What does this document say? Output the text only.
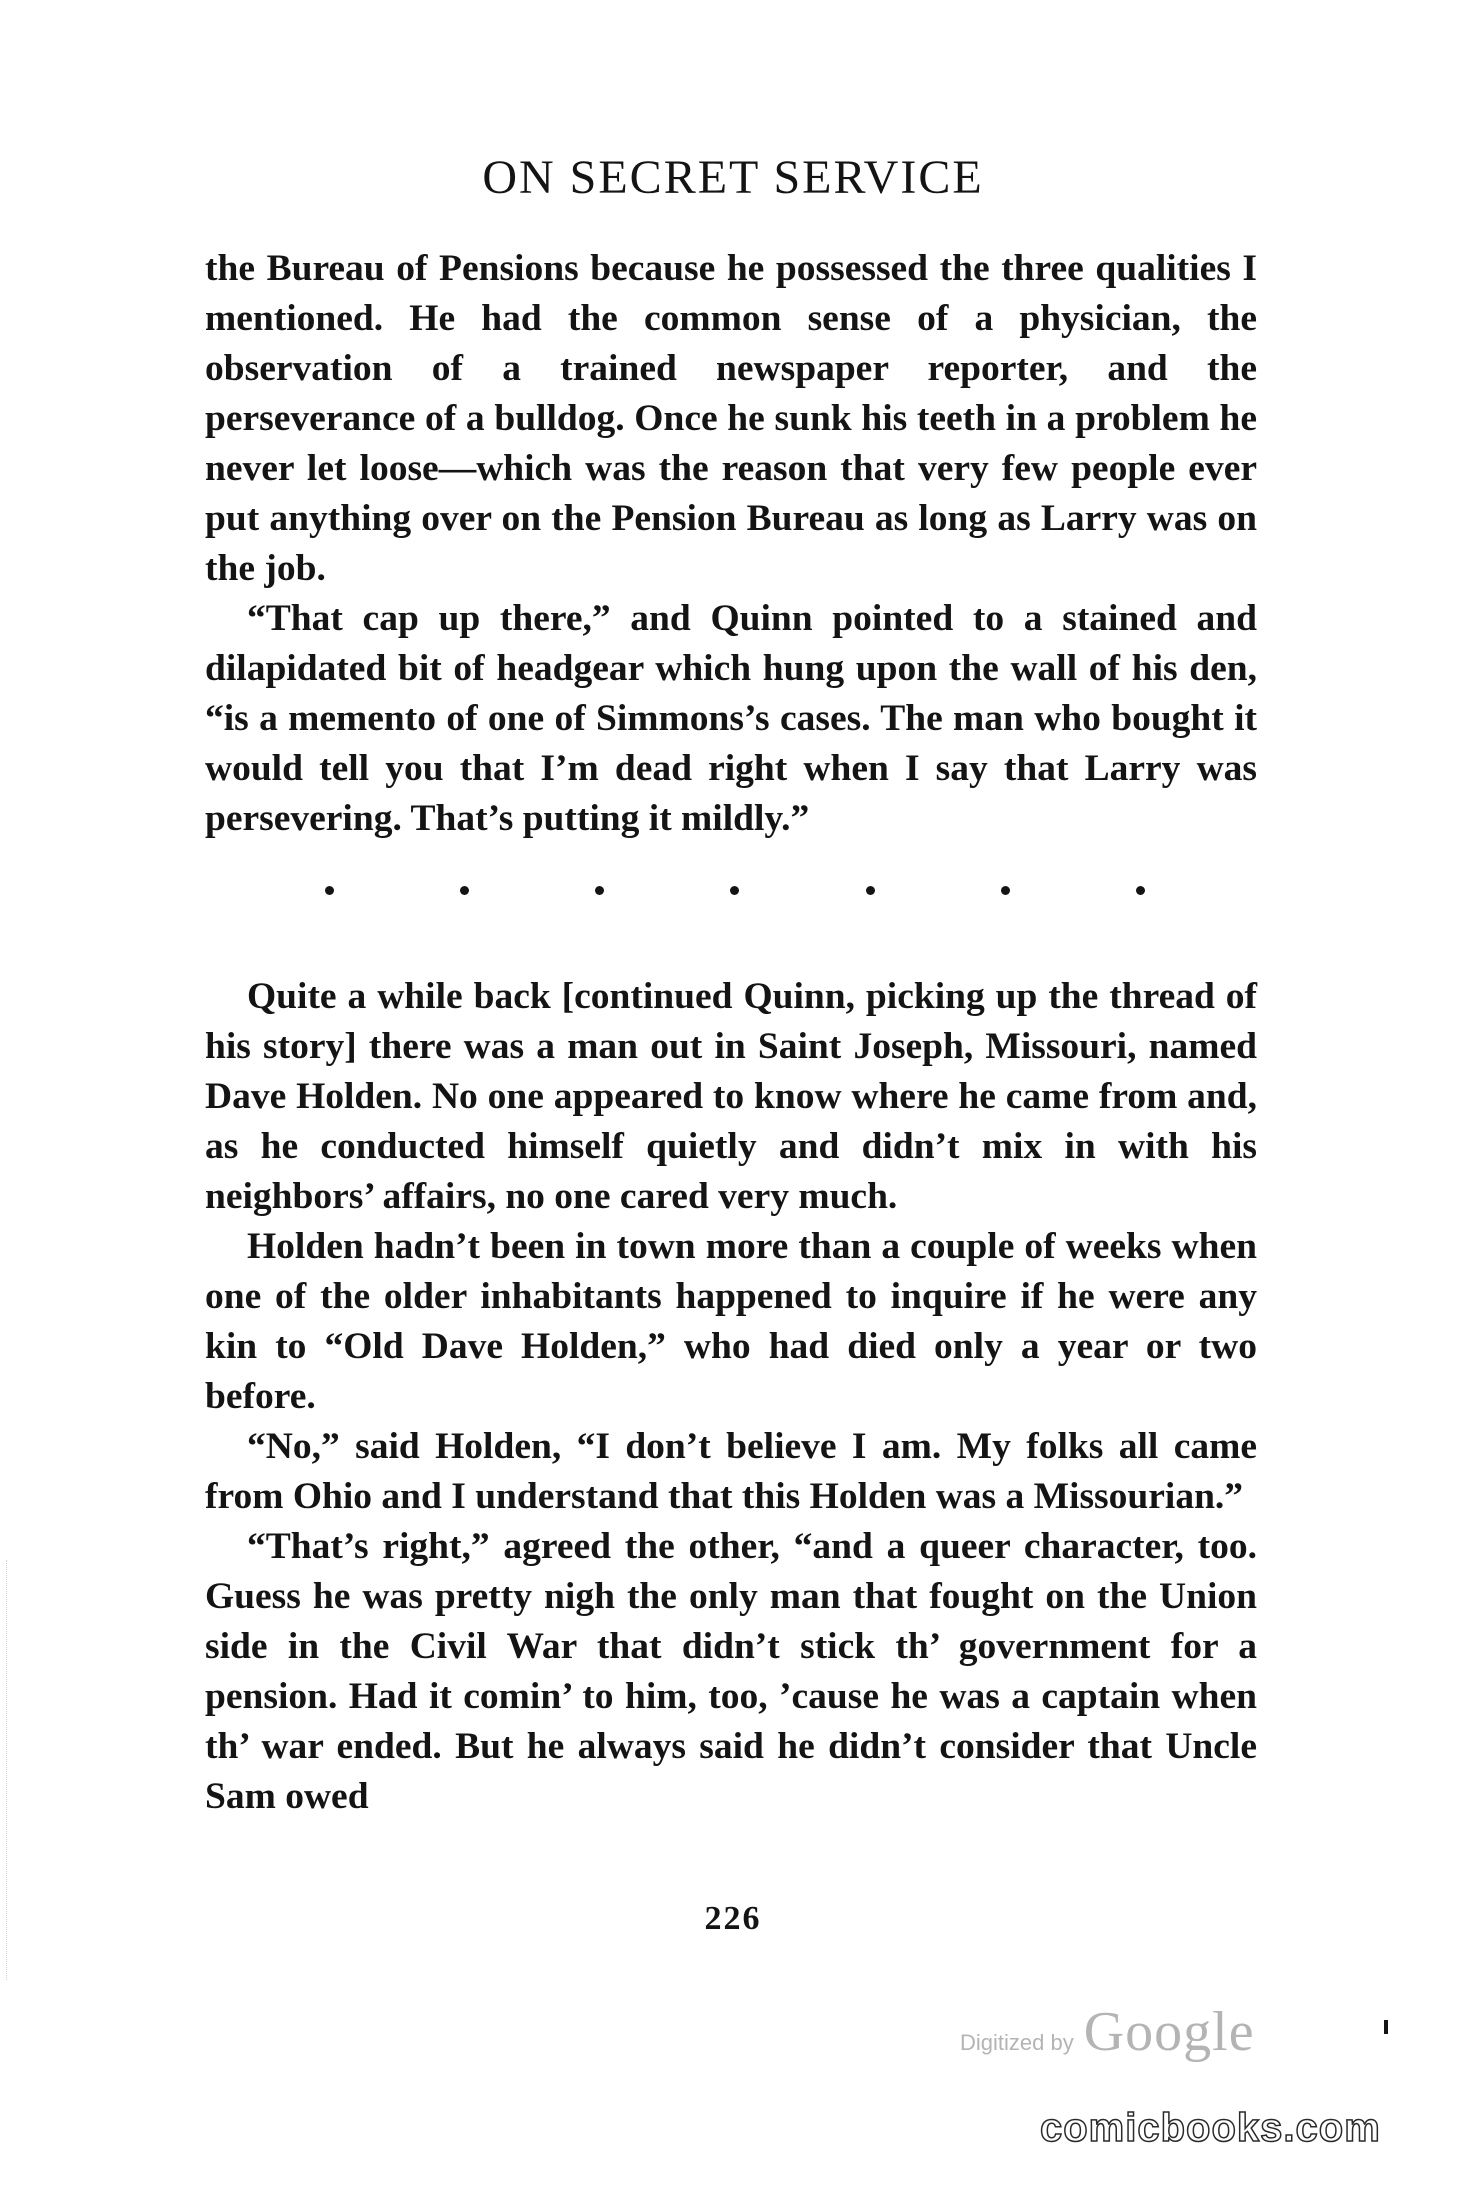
ON SECRET SERVICE

the Bureau of Pensions because he possessed the three qualities I mentioned. He had the common sense of a physician, the observation of a trained newspaper reporter, and the perseverance of a bulldog. Once he sunk his teeth in a problem he never let loose—which was the reason that very few people ever put anything over on the Pension Bureau as long as Larry was on the job.

“That cap up there,” and Quinn pointed to a stained and dilapidated bit of headgear which hung upon the wall of his den, “is a memento of one of Simmons’s cases. The man who bought it would tell you that I’m dead right when I say that Larry was persevering. That’s putting it mildly.”

Quite a while back [continued Quinn, picking up the thread of his story] there was a man out in Saint Joseph, Missouri, named Dave Holden. No one appeared to know where he came from and, as he conducted himself quietly and didn’t mix in with his neighbors’ affairs, no one cared very much.

Holden hadn’t been in town more than a couple of weeks when one of the older inhabitants happened to inquire if he were any kin to “Old Dave Holden,” who had died only a year or two before.

“No,” said Holden, “I don’t believe I am. My folks all came from Ohio and I understand that this Holden was a Missourian.”

“That’s right,” agreed the other, “and a queer character, too. Guess he was pretty nigh the only man that fought on the Union side in the Civil War that didn’t stick th’ government for a pension. Had it comin’ to him, too, ’cause he was a captain when th’ war ended. But he always said he didn’t consider that Uncle Sam owed

226
Digitized by Google
comicbooks.com
